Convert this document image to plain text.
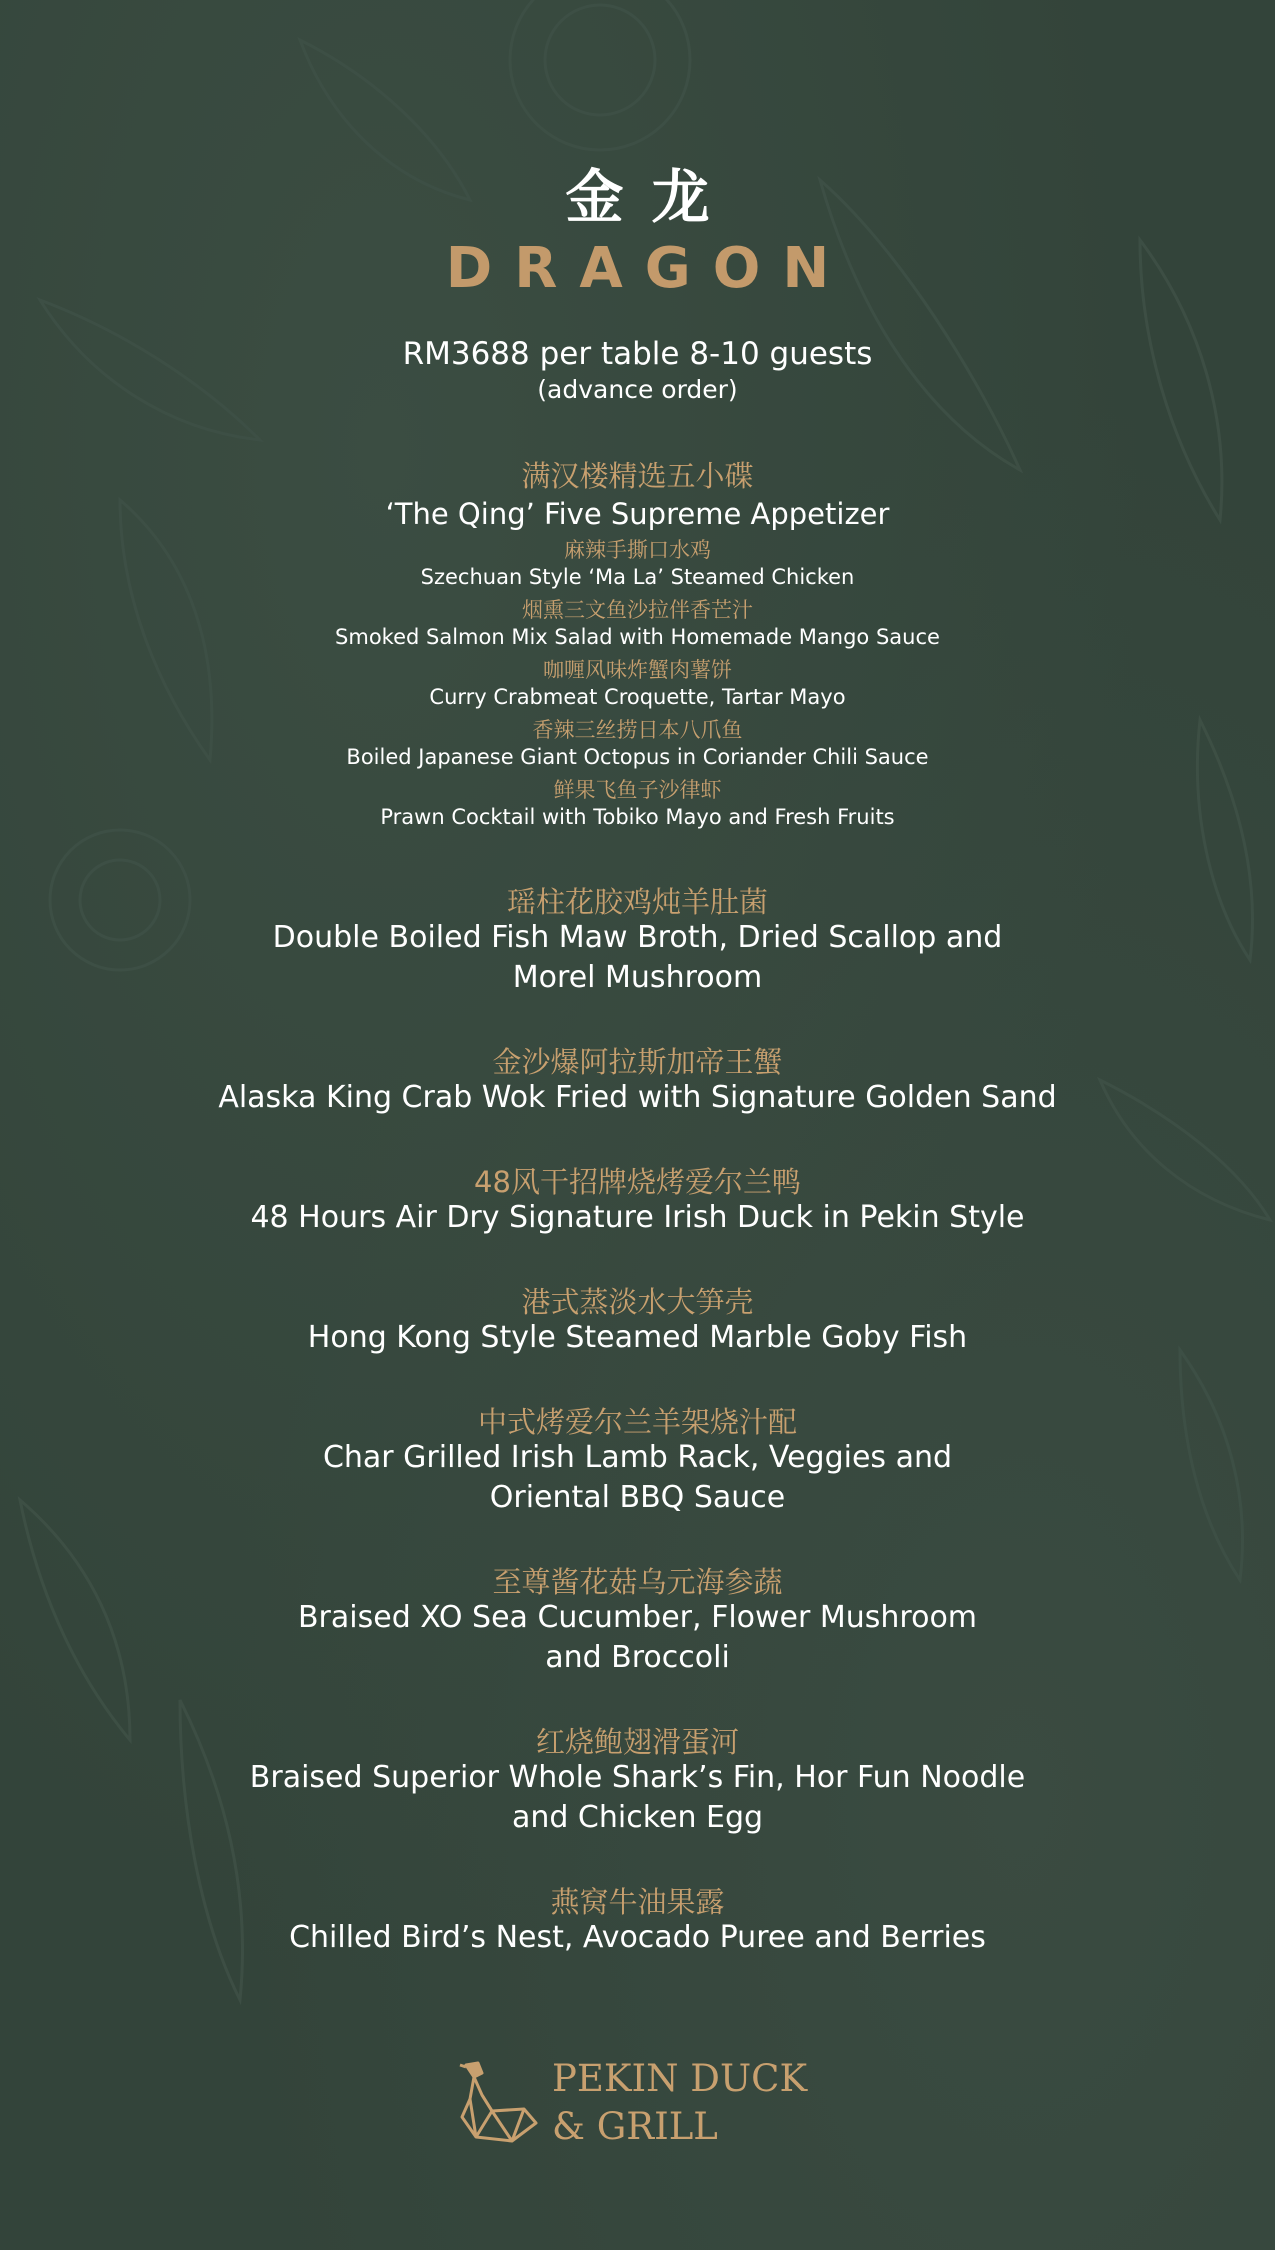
金龙
DRAGON
RM3688 per table 8-10 guests
(advance order)
满汉楼精选五小碟
‘The Qing’ Five Supreme Appetizer
麻辣手撕口水鸡
Szechuan Style ‘Ma La’ Steamed Chicken
烟熏三文鱼沙拉伴香芒汁
Smoked Salmon Mix Salad with Homemade Mango Sauce
咖喱风味炸蟹肉薯饼
Curry Crabmeat Croquette, Tartar Mayo
香辣三丝捞日本八爪鱼
Boiled Japanese Giant Octopus in Coriander Chili Sauce
鲜果飞鱼子沙律虾
Prawn Cocktail with Tobiko Mayo and Fresh Fruits
瑶柱花胶鸡炖羊肚菌
Double Boiled Fish Maw Broth, Dried Scallop and
Morel Mushroom
金沙爆阿拉斯加帝王蟹
Alaska King Crab Wok Fried with Signature Golden Sand
48风干招牌烧烤爱尔兰鸭
48 Hours Air Dry Signature Irish Duck in Pekin Style
港式蒸淡水大笋壳
Hong Kong Style Steamed Marble Goby Fish
中式烤爱尔兰羊架烧汁配
Char Grilled Irish Lamb Rack, Veggies and
Oriental BBQ Sauce
至尊酱花菇乌元海参蔬
Braised XO Sea Cucumber, Flower Mushroom
and Broccoli
红烧鲍翅滑蛋河
Braised Superior Whole Shark’s Fin, Hor Fun Noodle
and Chicken Egg
燕窝牛油果露
Chilled Bird’s Nest, Avocado Puree and Berries
PEKIN DUCK
& GRILL
